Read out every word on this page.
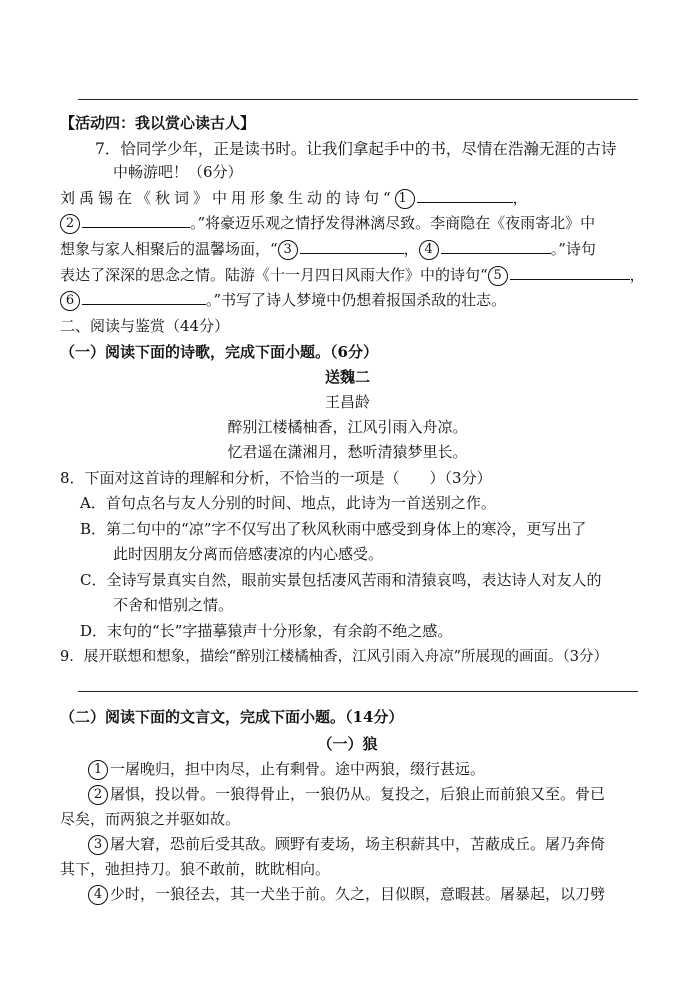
【活动四：我以赏心读古人】
7．恰同学少年，正是读书时。让我们拿起手中的书，尽情在浩瀚无涯的古诗
中畅游吧！（6分）
刘禹锡在《秋词》中用形象生动的诗句“ 1	，
2	。”将豪迈乐观之情抒发得淋漓尽致。李商隐在《夜雨寄北》中
想象与家人相聚后的温馨场面，“ 3	， 4	。”诗句
表达了深深的思念之情。陆游《十一月四日风雨大作》中的诗句“ 5	，
6	。”书写了诗人梦境中仍想着报国杀敌的壮志。
二、阅读与鉴赏（44分）
（一）阅读下面的诗歌，完成下面小题。（6分）
送魏二
王昌龄
醉别江楼橘柚香，江风引雨入舟凉。
忆君遥在潇湘月，愁听清猿梦里长。
8．下面对这首诗的理解和分析，不恰当的一项是（　　）（3分）
A．首句点名与友人分别的时间、地点，此诗为一首送别之作。
B．第二句中的“凉”字不仅写出了秋风秋雨中感受到身体上的寒冷，更写出了
此时因朋友分离而倍感凄凉的内心感受。
C．全诗写景真实自然，眼前实景包括凄风苦雨和清猿哀鸣，表达诗人对友人的
不舍和惜别之情。
D．末句的“长”字描摹猿声十分形象，有余韵不绝之感。
9．展开联想和想象，描绘“醉别江楼橘柚香，江风引雨入舟凉”所展现的画面。（3分）
（二）阅读下面的文言文，完成下面小题。（14分）
（一）狼
1 一屠晚归，担中肉尽，止有剩骨。途中两狼，缀行甚远。
2 屠惧，投以骨。一狼得骨止，一狼仍从。复投之，后狼止而前狼又至。骨已
尽矣，而两狼之并驱如故。
3 屠大窘，恐前后受其敌。顾野有麦场，场主积薪其中，苫蔽成丘。屠乃奔倚
其下，弛担持刀。狼不敢前，眈眈相向。
4 少时，一狼径去，其一犬坐于前。久之，目似瞑，意暇甚。屠暴起，以刀劈
